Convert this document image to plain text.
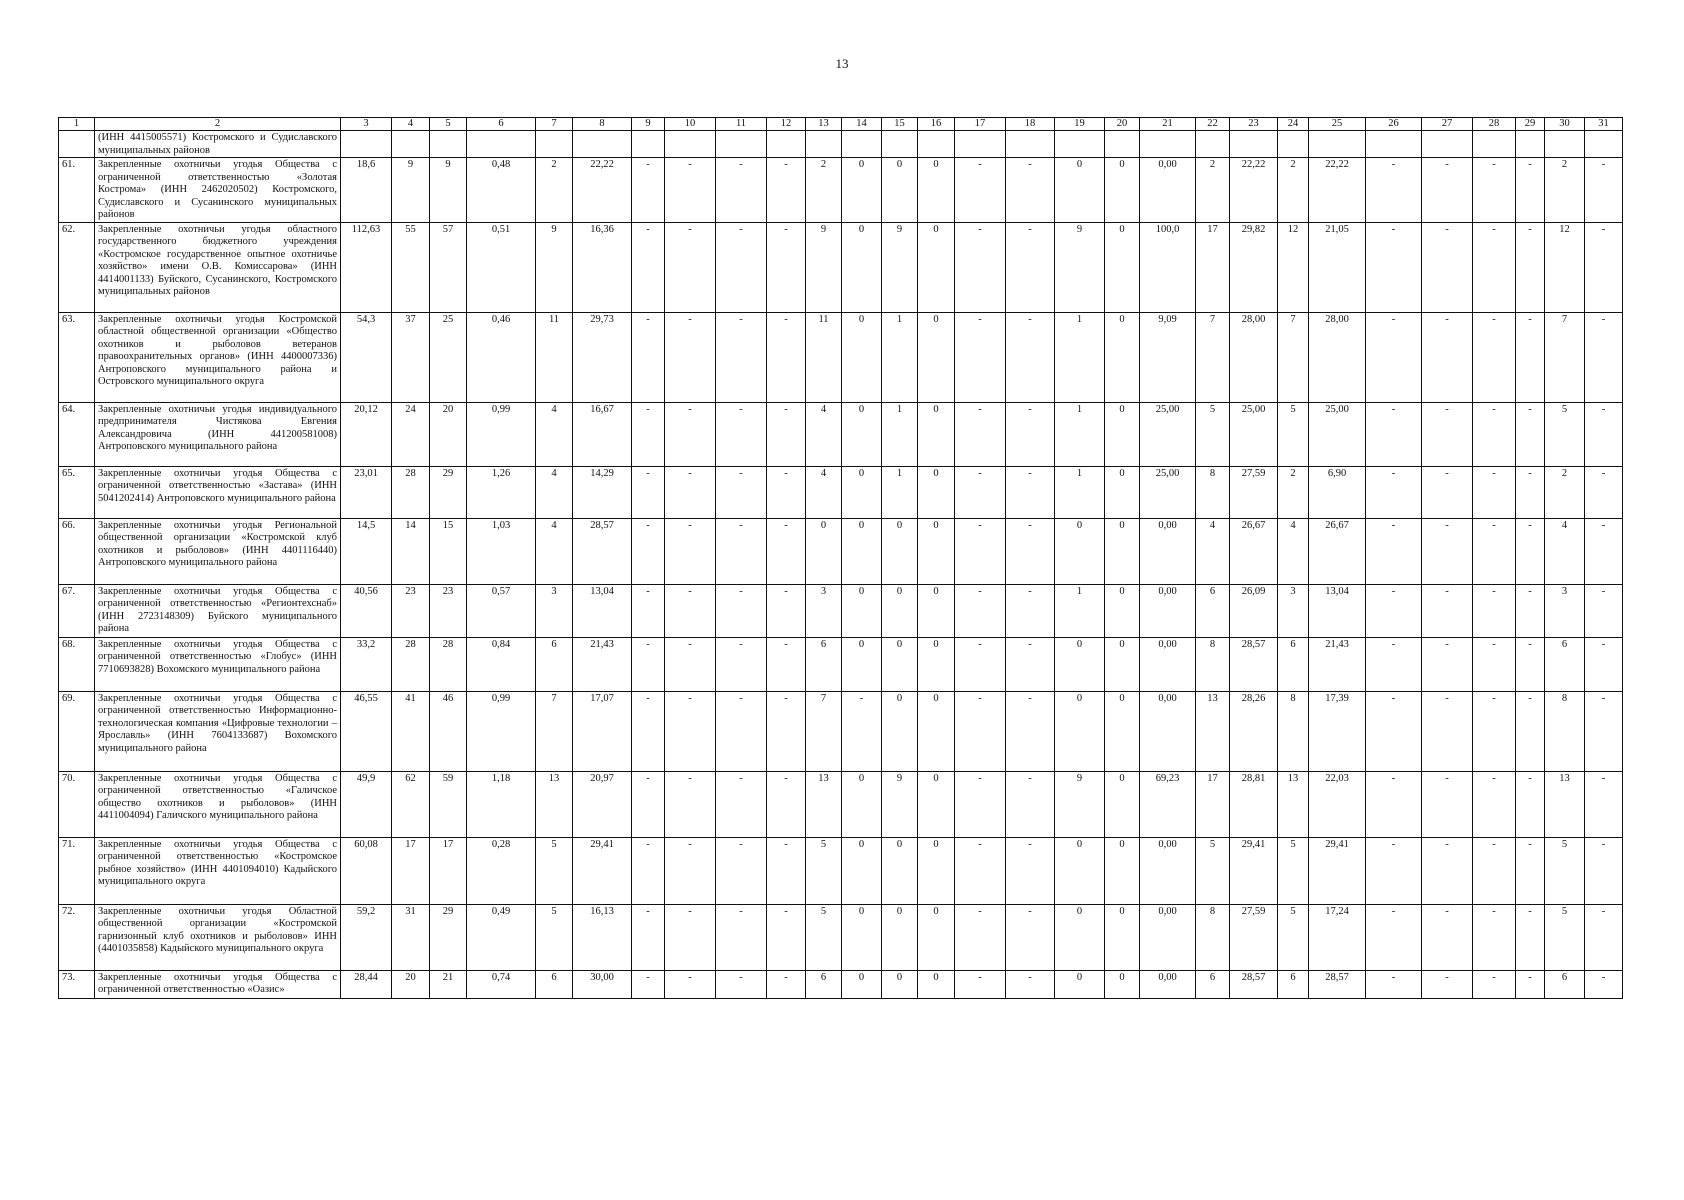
13
1	2	3	4	5	6	7	8	9	10	11	12	13	14	15	16	17	18	19	20	21	22	23	24	25	26	27	28	29	30	31
	(ИНН 4415005571) Костромского и Судиславского муниципальных районов																													
61.	Закрепленные охотничьи угодья Общества с ограниченной ответственностью «Золотая Кострома» (ИНН 2462020502) Костромского, Судиславского и Сусанинского муниципальных районов	18,6	9	9	0,48	2	22,22	-	-	-	-	2	0	0	0	-	-	0	0	0,00	2	22,22	2	22,22	-	-	-	-	2	-
62.	Закрепленные охотничьи угодья областного государственного бюджетного учреждения «Костромское государственное опытное охотничье хозяйство» имени О.В. Комиссарова» (ИНН 4414001133) Буйского, Сусанинского, Костромского муниципальных районов	112,63	55	57	0,51	9	16,36	-	-	-	-	9	0	9	0	-	-	9	0	100,0	17	29,82	12	21,05	-	-	-	-	12	-
63.	Закрепленные охотничьи угодья Костромской областной общественной организации «Общество охотников и рыболовов ветеранов правоохранительных органов» (ИНН 4400007336) Антроповского муниципального района и Островского муниципального округа	54,3	37	25	0,46	11	29,73	-	-	-	-	11	0	1	0	-	-	1	0	9,09	7	28,00	7	28,00	-	-	-	-	7	-
64.	Закрепленные охотничьи угодья индивидуального предпринимателя Чистякова Евгения Александровича (ИНН 441200581008) Антроповского муниципального района	20,12	24	20	0,99	4	16,67	-	-	-	-	4	0	1	0	-	-	1	0	25,00	5	25,00	5	25,00	-	-	-	-	5	-
65.	Закрепленные охотничьи угодья Общества с ограниченной ответственностью «Застава» (ИНН 5041202414) Антроповского муниципального района	23,01	28	29	1,26	4	14,29	-	-	-	-	4	0	1	0	-	-	1	0	25,00	8	27,59	2	6,90	-	-	-	-	2	-
66.	Закрепленные охотничьи угодья Региональной общественной организации «Костромской клуб охотников и рыболовов» (ИНН 4401116440) Антроповского муниципального района	14,5	14	15	1,03	4	28,57	-	-	-	-	0	0	0	0	-	-	0	0	0,00	4	26,67	4	26,67	-	-	-	-	4	-
67.	Закрепленные охотничьи угодья Общества с ограниченной ответственностью «Регионтехснаб» (ИНН 2723148309) Буйского муниципального района	40,56	23	23	0,57	3	13,04	-	-	-	-	3	0	0	0	-	-	1	0	0,00	6	26,09	3	13,04	-	-	-	-	3	-
68.	Закрепленные охотничьи угодья Общества с ограниченной ответственностью «Глобус» (ИНН 7710693828) Вохомского муниципального района	33,2	28	28	0,84	6	21,43	-	-	-	-	6	0	0	0	-	-	0	0	0,00	8	28,57	6	21,43	-	-	-	-	6	-
69.	Закрепленные охотничьи угодья Общества с ограниченной ответственностью Информационно-технологическая компания «Цифровые технологии – Ярославль» (ИНН 7604133687) Вохомского муниципального района	46,55	41	46	0,99	7	17,07	-	-	-	-	7	-	0	0	-	-	0	0	0,00	13	28,26	8	17,39	-	-	-	-	8	-
70.	Закрепленные охотничьи угодья Общества с ограниченной ответственностью «Галичское общество охотников и рыболовов» (ИНН 4411004094) Галичского муниципального района	49,9	62	59	1,18	13	20,97	-	-	-	-	13	0	9	0	-	-	9	0	69,23	17	28,81	13	22,03	-	-	-	-	13	-
71.	Закрепленные охотничьи угодья Общества с ограниченной ответственностью «Костромское рыбное хозяйство» (ИНН 4401094010) Кадыйского муниципального округа	60,08	17	17	0,28	5	29,41	-	-	-	-	5	0	0	0	-	-	0	0	0,00	5	29,41	5	29,41	-	-	-	-	5	-
72.	Закрепленные охотничьи угодья Областной общественной организации «Костромской гарнизонный клуб охотников и рыболовов» ИНН (4401035858) Кадыйского муниципального округа	59,2	31	29	0,49	5	16,13	-	-	-	-	5	0	0	0	-	-	0	0	0,00	8	27,59	5	17,24	-	-	-	-	5	-
73.	Закрепленные охотничьи угодья Общества с ограниченной ответственностью «Оазис»	28,44	20	21	0,74	6	30,00	-	-	-	-	6	0	0	0	-	-	0	0	0,00	6	28,57	6	28,57	-	-	-	-	6	-
